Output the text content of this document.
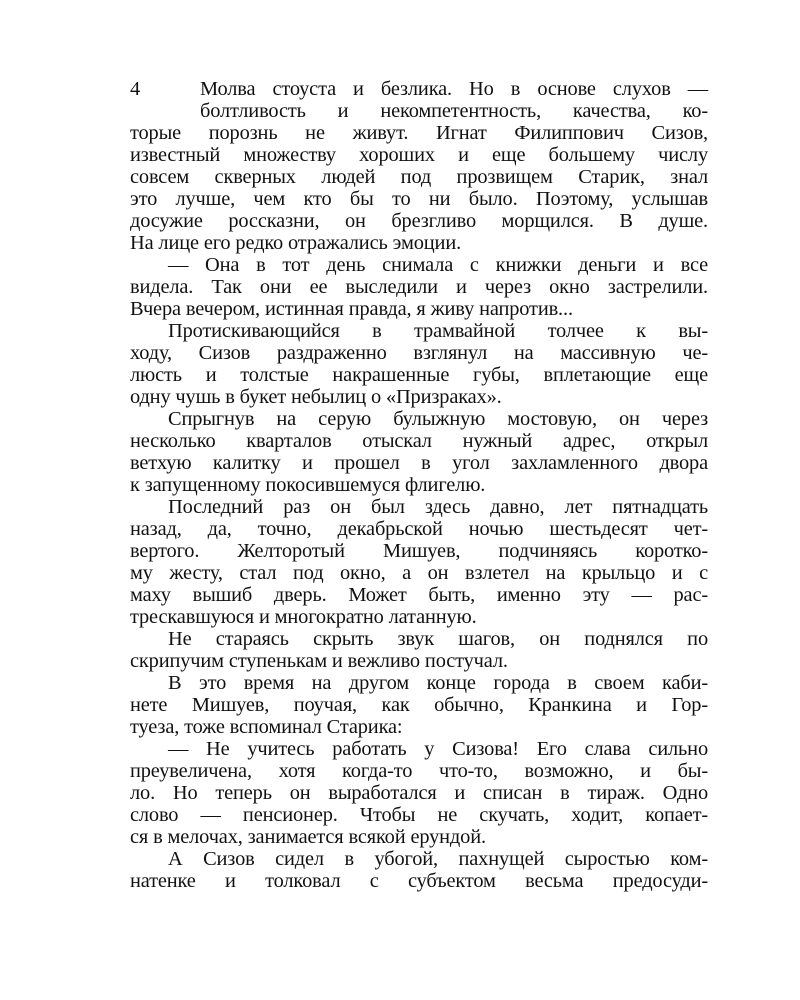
4	Молва стоуста и безлика. Но в основе слухов —
болтливость и некомпетентность, качества, ко-
торые порознь не живут. Игнат Филиппович Сизов,
известный множеству хороших и еще большему числу
совсем скверных людей под прозвищем Старик, знал
это лучше, чем кто бы то ни было. Поэтому, услышав
досужие россказни, он брезгливо морщился. В душе.
На лице его редко отражались эмоции.
— Она в тот день снимала с книжки деньги и все
видела. Так они ее выследили и через окно застрелили.
Вчера вечером, истинная правда, я живу напротив...
Протискивающийся в трамвайной толчее к вы-
ходу, Сизов раздраженно взглянул на массивную че-
люсть и толстые накрашенные губы, вплетающие еще
одну чушь в букет небылиц о «Призраках».
Спрыгнув на серую булыжную мостовую, он через
несколько кварталов отыскал нужный адрес, открыл
ветхую калитку и прошел в угол захламленного двора
к запущенному покосившемуся флигелю.
Последний раз он был здесь давно, лет пятнадцать
назад, да, точно, декабрьской ночью шестьдесят чет-
вертого. Желторотый Мишуев, подчиняясь коротко-
му жесту, стал под окно, а он взлетел на крыльцо и с
маху вышиб дверь. Может быть, именно эту — рас-
трескавшуюся и многократно латанную.
Не стараясь скрыть звук шагов, он поднялся по
скрипучим ступенькам и вежливо постучал.
В это время на другом конце города в своем каби-
нете Мишуев, поучая, как обычно, Кранкина и Гор-
туеза, тоже вспоминал Старика:
— Не учитесь работать у Сизова! Его слава сильно
преувеличена, хотя когда-то что-то, возможно, и бы-
ло. Но теперь он выработался и списан в тираж. Одно
слово — пенсионер. Чтобы не скучать, ходит, копает-
ся в мелочах, занимается всякой ерундой.
А Сизов сидел в убогой, пахнущей сыростью ком-
натенке и толковал с субъектом весьма предосуди-
